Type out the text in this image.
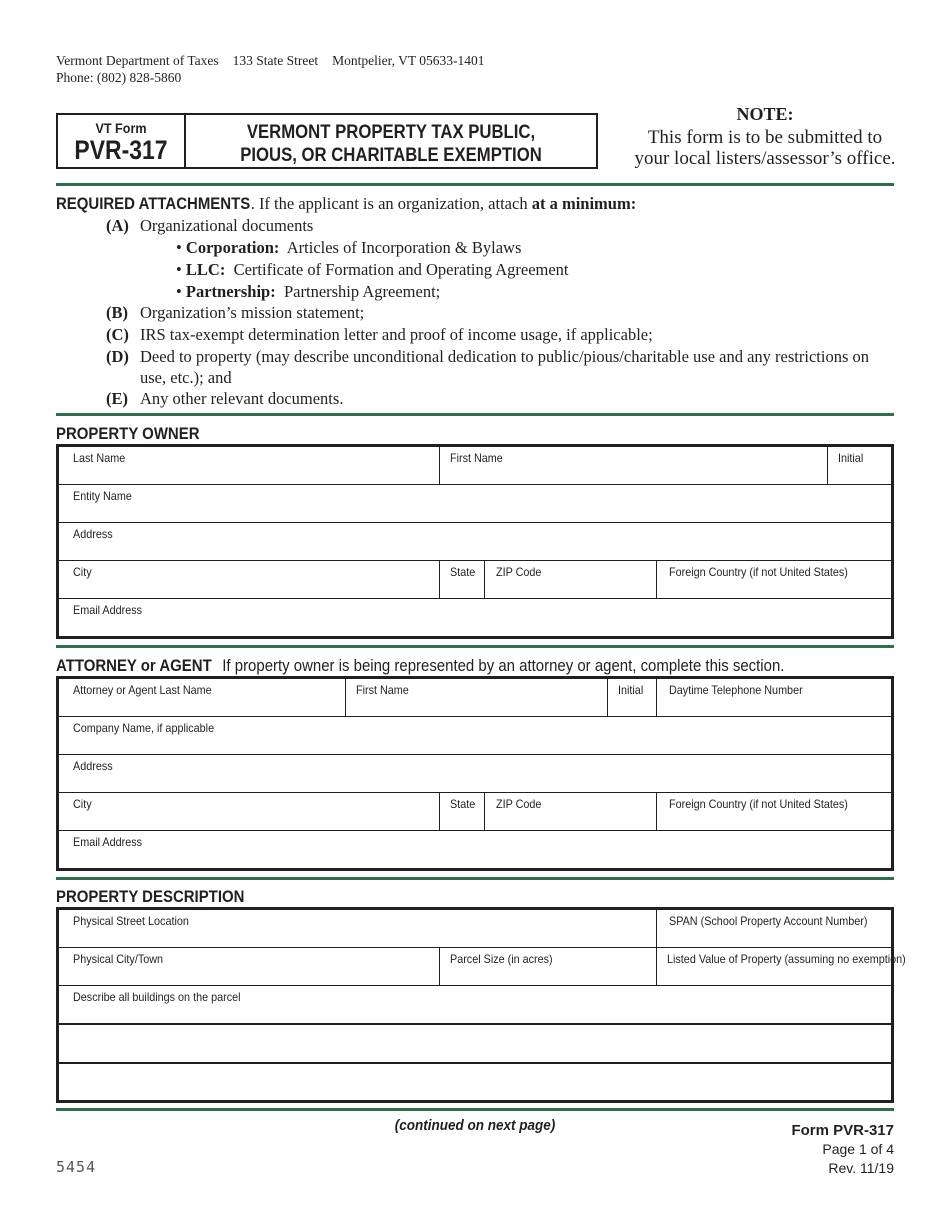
Vermont Department of Taxes 133 State Street Montpelier, VT 05633-1401
Phone: (802) 828-5860
VT Form
PVR-317
VERMONT PROPERTY TAX PUBLIC,
PIOUS, OR CHARITABLE EXEMPTION
NOTE:
This form is to be submitted to
your local listers/assessor’s office.
REQUIRED ATTACHMENTS. If the applicant is an organization, attach at a minimum:
(A) Organizational documents
• Corporation: Articles of Incorporation & Bylaws
• LLC: Certificate of Formation and Operating Agreement
• Partnership: Partnership Agreement;
(B) Organization’s mission statement;
(C) IRS tax-exempt determination letter and proof of income usage, if applicable;
(D) Deed to property (may describe unconditional dedication to public/pious/charitable use and any restrictions on
use, etc.); and
(E) Any other relevant documents.
PROPERTY OWNER
Last Name	First Name	Initial
Entity Name
Address
City	State ZIP Code	Foreign Country (if not United States)
Email Address
ATTORNEY or AGENT If property owner is being represented by an attorney or agent, complete this section.
Attorney or Agent Last Name	First Name	Initial Daytime Telephone Number
Company Name, if applicable
Address
City	State ZIP Code	Foreign Country (if not United States)
Email Address
PROPERTY DESCRIPTION
Physical Street Location	SPAN (School Property Account Number)
Physical City/Town	Parcel Size (in acres)	Listed Value of Property (assuming no exemption)
Describe all buildings on the parcel
(continued on next page)	Form PVR-317
Page 1 of 4
Rev. 11/19
5454
